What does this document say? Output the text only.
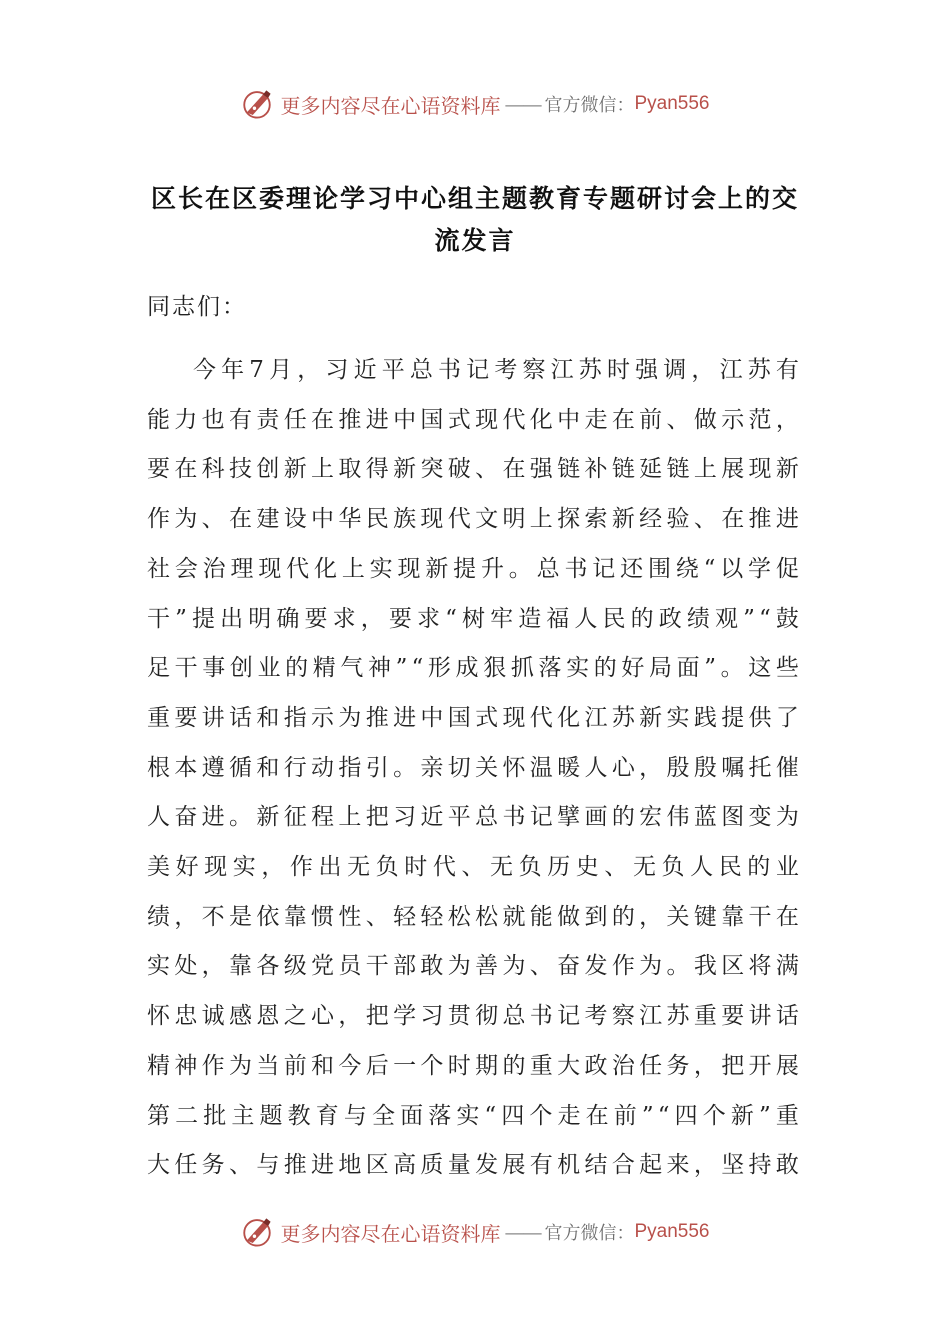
更多内容尽在心语资料库 —— 官方微信： Pyan556
区长在区委理论学习中心组主题教育专题研讨会上的交流发言
同志们：

今年7月，习近平总书记考察江苏时强调，江苏有能力也有责任在推进中国式现代化中走在前、做示范，要在科技创新上取得新突破、在强链补链延链上展现新作为、在建设中华民族现代文明上探索新经验、在推进社会治理现代化上实现新提升。总书记还围绕“以学促干”提出明确要求，要求“树牢造福人民的政绩观”“鼓足干事创业的精气神”“形成狠抓落实的好局面”。这些重要讲话和指示为推进中国式现代化江苏新实践提供了根本遵循和行动指引。亲切关怀温暖人心，殷殷嘱托催人奋进。新征程上把习近平总书记擘画的宏伟蓝图变为美好现实，作出无负时代、无负历史、无负人民的业绩，不是依靠惯性、轻轻松松就能做到的，关键靠干在实处，靠各级党员干部敢为善为、奋发作为。我区将满怀忠诚感恩之心，把学习贯彻总书记考察江苏重要讲话精神作为当前和今后一个时期的重大政治任务，把开展第二批主题教育与全面落实“四个走在前”“四个新”重大任务、与推进地区高质量发展有机结合起来，坚持敢

更多内容尽在心语资料库 —— 官方微信： Pyan556
